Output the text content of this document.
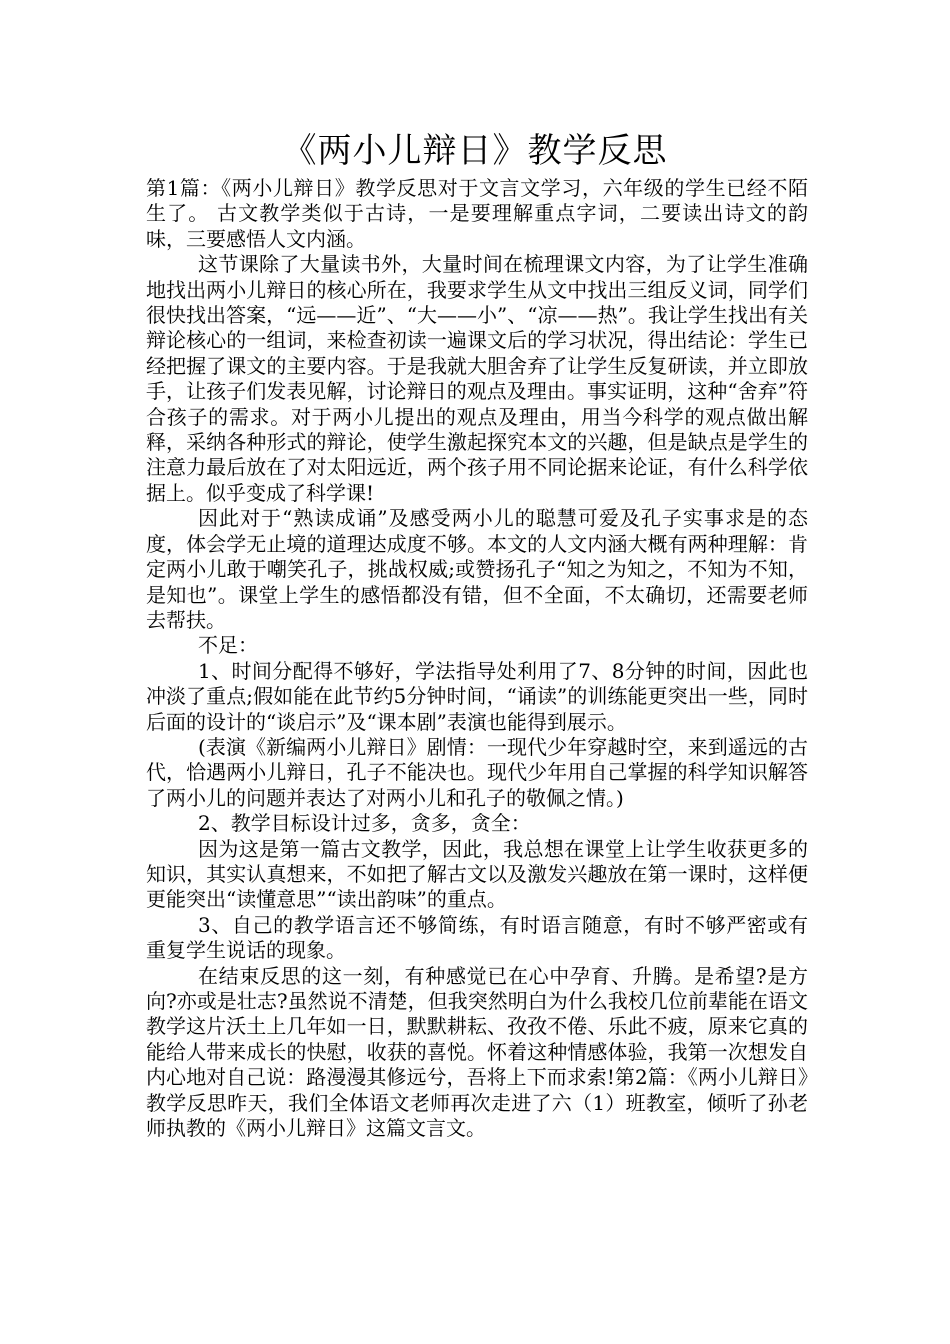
《两小儿辩日》教学反思

第1篇：《两小儿辩日》教学反思对于文言文学习，六年级的学生已经不陌生了。 古文教学类似于古诗，一是要理解重点字词，二要读出诗文的韵味，三要感悟人文内涵。

这节课除了大量读书外，大量时间在梳理课文内容，为了让学生准确地找出两小儿辩日的核心所在，我要求学生从文中找出三组反义词，同学们很快找出答案，“远——近”、“大——小”、“凉——热”。我让学生找出有关辩论核心的一组词，来检查初读一遍课文后的学习状况，得出结论：学生已经把握了课文的主要内容。于是我就大胆舍弃了让学生反复研读，并立即放手，让孩子们发表见解，讨论辩日的观点及理由。事实证明，这种“舍弃”符合孩子的需求。对于两小儿提出的观点及理由，用当今科学的观点做出解释，采纳各种形式的辩论，使学生激起探究本文的兴趣，但是缺点是学生的注意力最后放在了对太阳远近，两个孩子用不同论据来论证，有什么科学依据上。似乎变成了科学课!

因此对于“熟读成诵”及感受两小儿的聪慧可爱及孔子实事求是的态度，体会学无止境的道理达成度不够。本文的人文内涵大概有两种理解：肯定两小儿敢于嘲笑孔子，挑战权威;或赞扬孔子“知之为知之，不知为不知，是知也”。课堂上学生的感悟都没有错，但不全面，不太确切，还需要老师去帮扶。

不足：

1、时间分配得不够好，学法指导处利用了7、8分钟的时间，因此也冲淡了重点;假如能在此节约5分钟时间，“诵读”的训练能更突出一些，同时后面的设计的“谈启示”及“课本剧”表演也能得到展示。

(表演《新编两小儿辩日》剧情：一现代少年穿越时空，来到遥远的古代，恰遇两小儿辩日，孔子不能决也。现代少年用自己掌握的科学知识解答了两小儿的问题并表达了对两小儿和孔子的敬佩之情。)

2、教学目标设计过多，贪多，贪全：

因为这是第一篇古文教学，因此，我总想在课堂上让学生收获更多的知识，其实认真想来，不如把了解古文以及激发兴趣放在第一课时，这样便更能突出“读懂意思”“读出韵味”的重点。

3、自己的教学语言还不够简练，有时语言随意，有时不够严密或有重复学生说话的现象。

在结束反思的这一刻，有种感觉已在心中孕育、升腾。是希望?是方向?亦或是壮志?虽然说不清楚，但我突然明白为什么我校几位前辈能在语文教学这片沃土上几年如一日，默默耕耘、孜孜不倦、乐此不疲，原来它真的能给人带来成长的快慰，收获的喜悦。怀着这种情感体验，我第一次想发自内心地对自己说：路漫漫其修远兮，吾将上下而求索!第2篇：《两小儿辩日》教学反思昨天，我们全体语文老师再次走进了六（1）班教室，倾听了孙老师执教的《两小儿辩日》这篇文言文。
